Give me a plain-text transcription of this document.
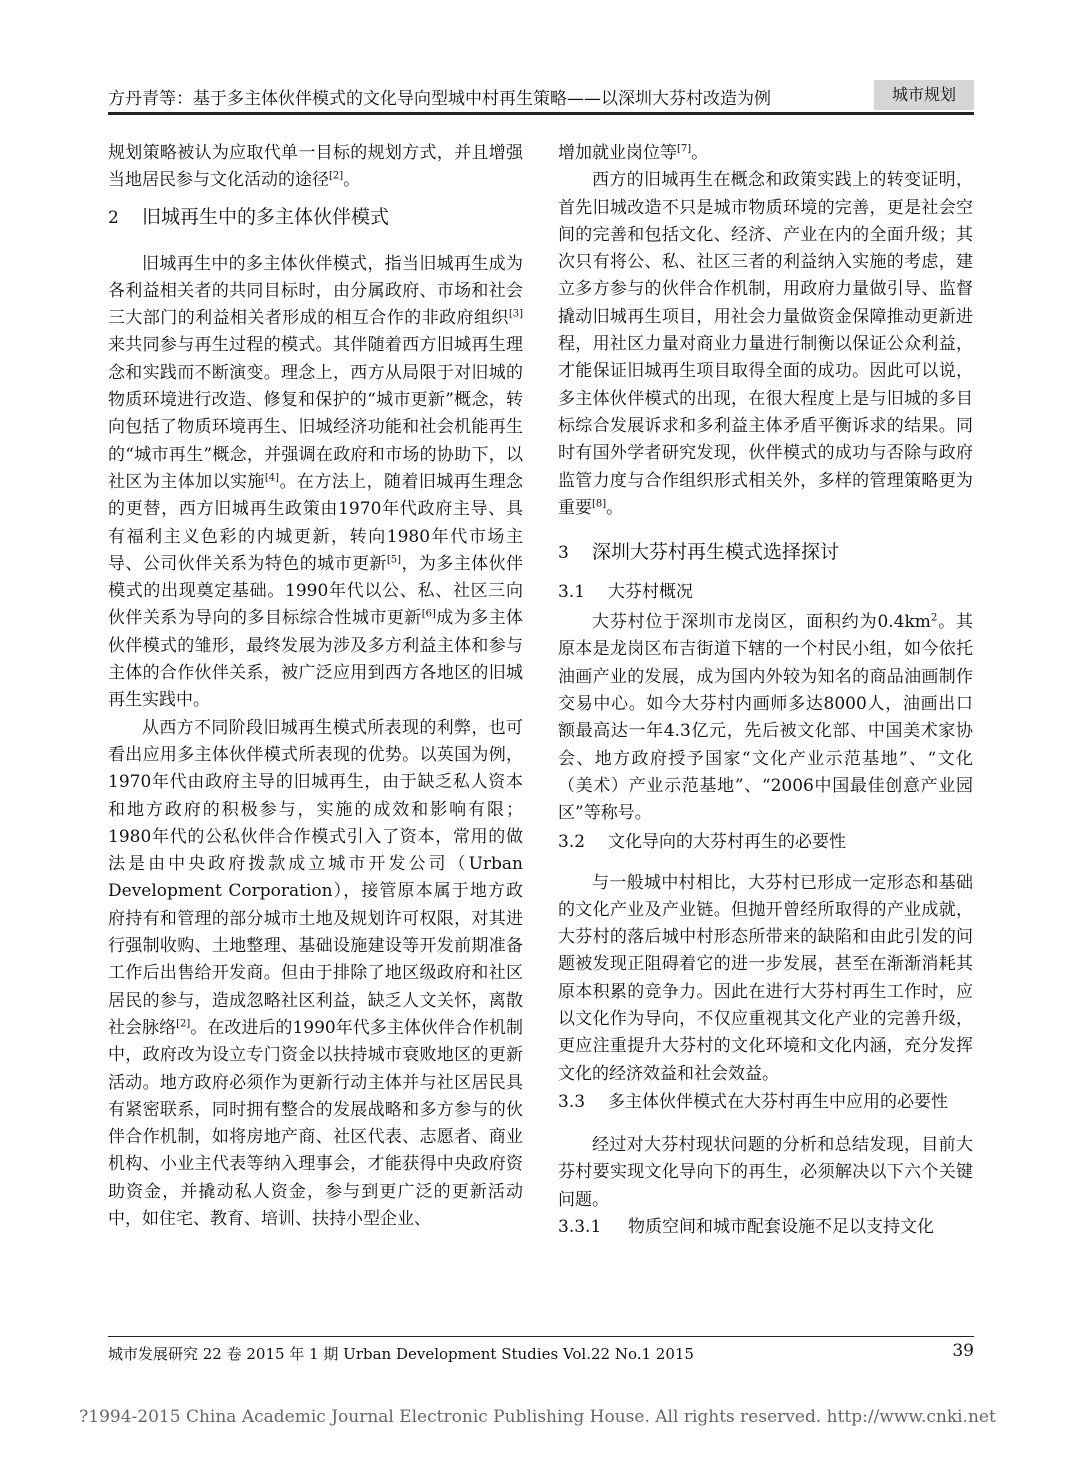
方丹青等：基于多主体伙伴模式的文化导向型城中村再生策略——以深圳大芬村改造为例	城市规划

规划策略被认为应取代单一目标的规划方式，并且增强当地居民参与文化活动的途径[2]。

2 旧城再生中的多主体伙伴模式

旧城再生中的多主体伙伴模式，指当旧城再生成为各利益相关者的共同目标时，由分属政府、市场和社会三大部门的利益相关者形成的相互合作的非政府组织[3]来共同参与再生过程的模式。其伴随着西方旧城再生理念和实践而不断演变。理念上，西方从局限于对旧城的物质环境进行改造、修复和保护的“城市更新”概念，转向包括了物质环境再生、旧城经济功能和社会机能再生的“城市再生”概念，并强调在政府和市场的协助下，以社区为主体加以实施[4]。在方法上，随着旧城再生理念的更替，西方旧城再生政策由1970年代政府主导、具有福利主义色彩的内城更新，转向1980年代市场主导、公司伙伴关系为特色的城市更新[5]，为多主体伙伴模式的出现奠定基础。1990年代以公、私、社区三向伙伴关系为导向的多目标综合性城市更新[6]成为多主体伙伴模式的雏形，最终发展为涉及多方利益主体和参与主体的合作伙伴关系，被广泛应用到西方各地区的旧城再生实践中。

从西方不同阶段旧城再生模式所表现的利弊，也可看出应用多主体伙伴模式所表现的优势。以英国为例，1970年代由政府主导的旧城再生，由于缺乏私人资本和地方政府的积极参与，实施的成效和影响有限；1980年代的公私伙伴合作模式引入了资本，常用的做法是由中央政府拨款成立城市开发公司（Urban Development Corporation），接管原本属于地方政府持有和管理的部分城市土地及规划许可权限，对其进行强制收购、土地整理、基础设施建设等开发前期准备工作后出售给开发商。但由于排除了地区级政府和社区居民的参与，造成忽略社区利益，缺乏人文关怀，离散社会脉络[2]。在改进后的1990年代多主体伙伴合作机制中，政府改为设立专门资金以扶持城市衰败地区的更新活动。地方政府必须作为更新行动主体并与社区居民具有紧密联系，同时拥有整合的发展战略和多方参与的伙伴合作机制，如将房地产商、社区代表、志愿者、商业机构、小业主代表等纳入理事会，才能获得中央政府资助资金，并撬动私人资金，参与到更广泛的更新活动中，如住宅、教育、培训、扶持小型企业、

增加就业岗位等[7]。

西方的旧城再生在概念和政策实践上的转变证明，首先旧城改造不只是城市物质环境的完善，更是社会空间的完善和包括文化、经济、产业在内的全面升级；其次只有将公、私、社区三者的利益纳入实施的考虑，建立多方参与的伙伴合作机制，用政府力量做引导、监督撬动旧城再生项目，用社会力量做资金保障推动更新进程，用社区力量对商业力量进行制衡以保证公众利益，才能保证旧城再生项目取得全面的成功。因此可以说，多主体伙伴模式的出现，在很大程度上是与旧城的多目标综合发展诉求和多利益主体矛盾平衡诉求的结果。同时有国外学者研究发现，伙伴模式的成功与否除与政府监管力度与合作组织形式相关外，多样的管理策略更为重要[8]。

3 深圳大芬村再生模式选择探讨
3.1 大芬村概况

大芬村位于深圳市龙岗区，面积约为$0.4km^2$。其原本是龙岗区布吉街道下辖的一个村民小组，如今依托油画产业的发展，成为国内外较为知名的商品油画制作交易中心。如今大芬村内画师多达8000人，油画出口额最高达一年4.3亿元，先后被文化部、中国美术家协会、地方政府授予国家“文化产业示范基地”、“文化（美术）产业示范基地”、“2006中国最佳创意产业园区”等称号。

3.2 文化导向的大芬村再生的必要性

与一般城中村相比，大芬村已形成一定形态和基础的文化产业及产业链。但抛开曾经所取得的产业成就，大芬村的落后城中村形态所带来的缺陷和由此引发的问题被发现正阻碍着它的进一步发展，甚至在渐渐消耗其原本积累的竞争力。因此在进行大芬村再生工作时，应以文化作为导向，不仅应重视其文化产业的完善升级，更应注重提升大芬村的文化环境和文化内涵，充分发挥文化的经济效益和社会效益。

3.3 多主体伙伴模式在大芬村再生中应用的必要性

经过对大芬村现状问题的分析和总结发现，目前大芬村要实现文化导向下的再生，必须解决以下六个关键问题。

3.3.1 物质空间和城市配套设施不足以支持文化
城市发展研究 22 卷 2015 年 1 期 Urban Development Studies Vol.22 No.1 2015	39
?1994-2015 China Academic Journal Electronic Publishing House. All rights reserved. http://www.cnki.net
